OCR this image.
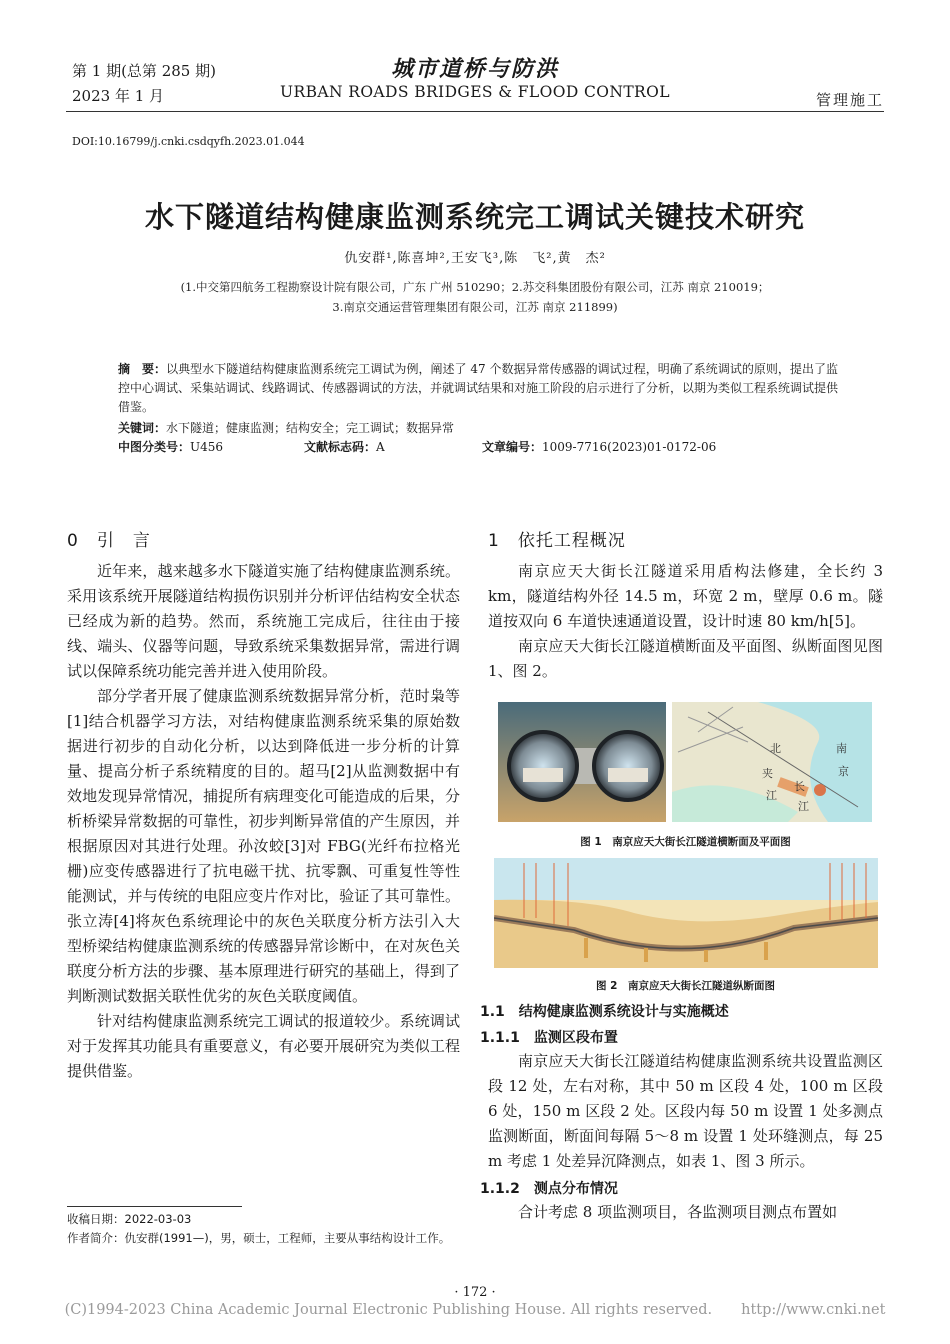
第 1 期(总第 285 期)
2023 年 1 月
城市道桥与防洪
URBAN ROADS BRIDGES & FLOOD CONTROL	管理施工
DOI:10.16799/j.cnki.csdqyfh.2023.01.044
水下隧道结构健康监测系统完工调试关键技术研究
仇安群¹,陈喜坤²,王安飞³,陈　飞²,黄　杰²
(1.中交第四航务工程勘察设计院有限公司，广东 广州 510290；2.苏交科集团股份有限公司，江苏 南京 210019；
3.南京交通运营管理集团有限公司，江苏 南京 211899)
摘　要：以典型水下隧道结构健康监测系统完工调试为例，阐述了 47 个数据异常传感器的调试过程，明确了系统调试的原则，提出了监控中心调试、采集站调试、线路调试、传感器调试的方法，并就调试结果和对施工阶段的启示进行了分析，以期为类似工程系统调试提供借鉴。
关键词：水下隧道；健康监测；结构安全；完工调试；数据异常
中图分类号：U456	文献标志码：A	文章编号：1009-7716(2023)01-0172-06
0　引　言

近年来，越来越多水下隧道实施了结构健康监测系统。采用该系统开展隧道结构损伤识别并分析评估结构安全状态已经成为新的趋势。然而，系统施工完成后，往往由于接线、端头、仪器等问题，导致系统采集数据异常，需进行调试以保障系统功能完善并进入使用阶段。

部分学者开展了健康监测系统数据异常分析，范时枭等[1]结合机器学习方法，对结构健康监测系统采集的原始数据进行初步的自动化分析，以达到降低进一步分析的计算量、提高分析子系统精度的目的。超马[2]从监测数据中有效地发现异常情况，捕捉所有病理变化可能造成的后果，分析桥梁异常数据的可靠性，初步判断异常值的产生原因，并根据原因对其进行处理。孙汝蛟[3]对 FBG(光纤布拉格光栅)应变传感器进行了抗电磁干扰、抗零飘、可重复性等性能测试，并与传统的电阻应变片作对比，验证了其可靠性。张立涛[4]将灰色系统理论中的灰色关联度分析方法引入大型桥梁结构健康监测系统的传感器异常诊断中，在对灰色关联度分析方法的步骤、基本原理进行研究的基础上，得到了判断测试数据关联性优劣的灰色关联度阈值。

针对结构健康监测系统完工调试的报道较少。系统调试对于发挥其功能具有重要意义，有必要开展研究为类似工程提供借鉴。

收稿日期：2022-03-03
作者简介：仇安群(1991—)，男，硕士，工程师，主要从事结构设计工作。
1　依托工程概况

南京应天大街长江隧道采用盾构法修建，全长约 3 km，隧道结构外径 14.5 m，环宽 2 m，壁厚 0.6 m。隧道按双向 6 车道快速通道设置，设计时速 80 km/h[5]。

南京应天大街长江隧道横断面及平面图、纵断面图见图 1、图 2。

北
夹
江
南
京
长
江
图 1　南京应天大街长江隧道横断面及平面图
图 2　南京应天大街长江隧道纵断面图
1.1　结构健康监测系统设计与实施概述
1.1.1　监测区段布置

南京应天大街长江隧道结构健康监测系统共设置监测区段 12 处，左右对称，其中 50 m 区段 4 处，100 m 区段 6 处，150 m 区段 2 处。区段内每 50 m 设置 1 处多测点监测断面，断面间每隔 5～8 m 设置 1 处环缝测点，每 25 m 考虑 1 处差异沉降测点，如表 1、图 3 所示。

1.1.2　测点分布情况

合计考虑 8 项监测项目，各监测项目测点布置如

· 172 ·
(C)1994-2023 China Academic Journal Electronic Publishing House. All rights reserved.　　http://www.cnki.net
